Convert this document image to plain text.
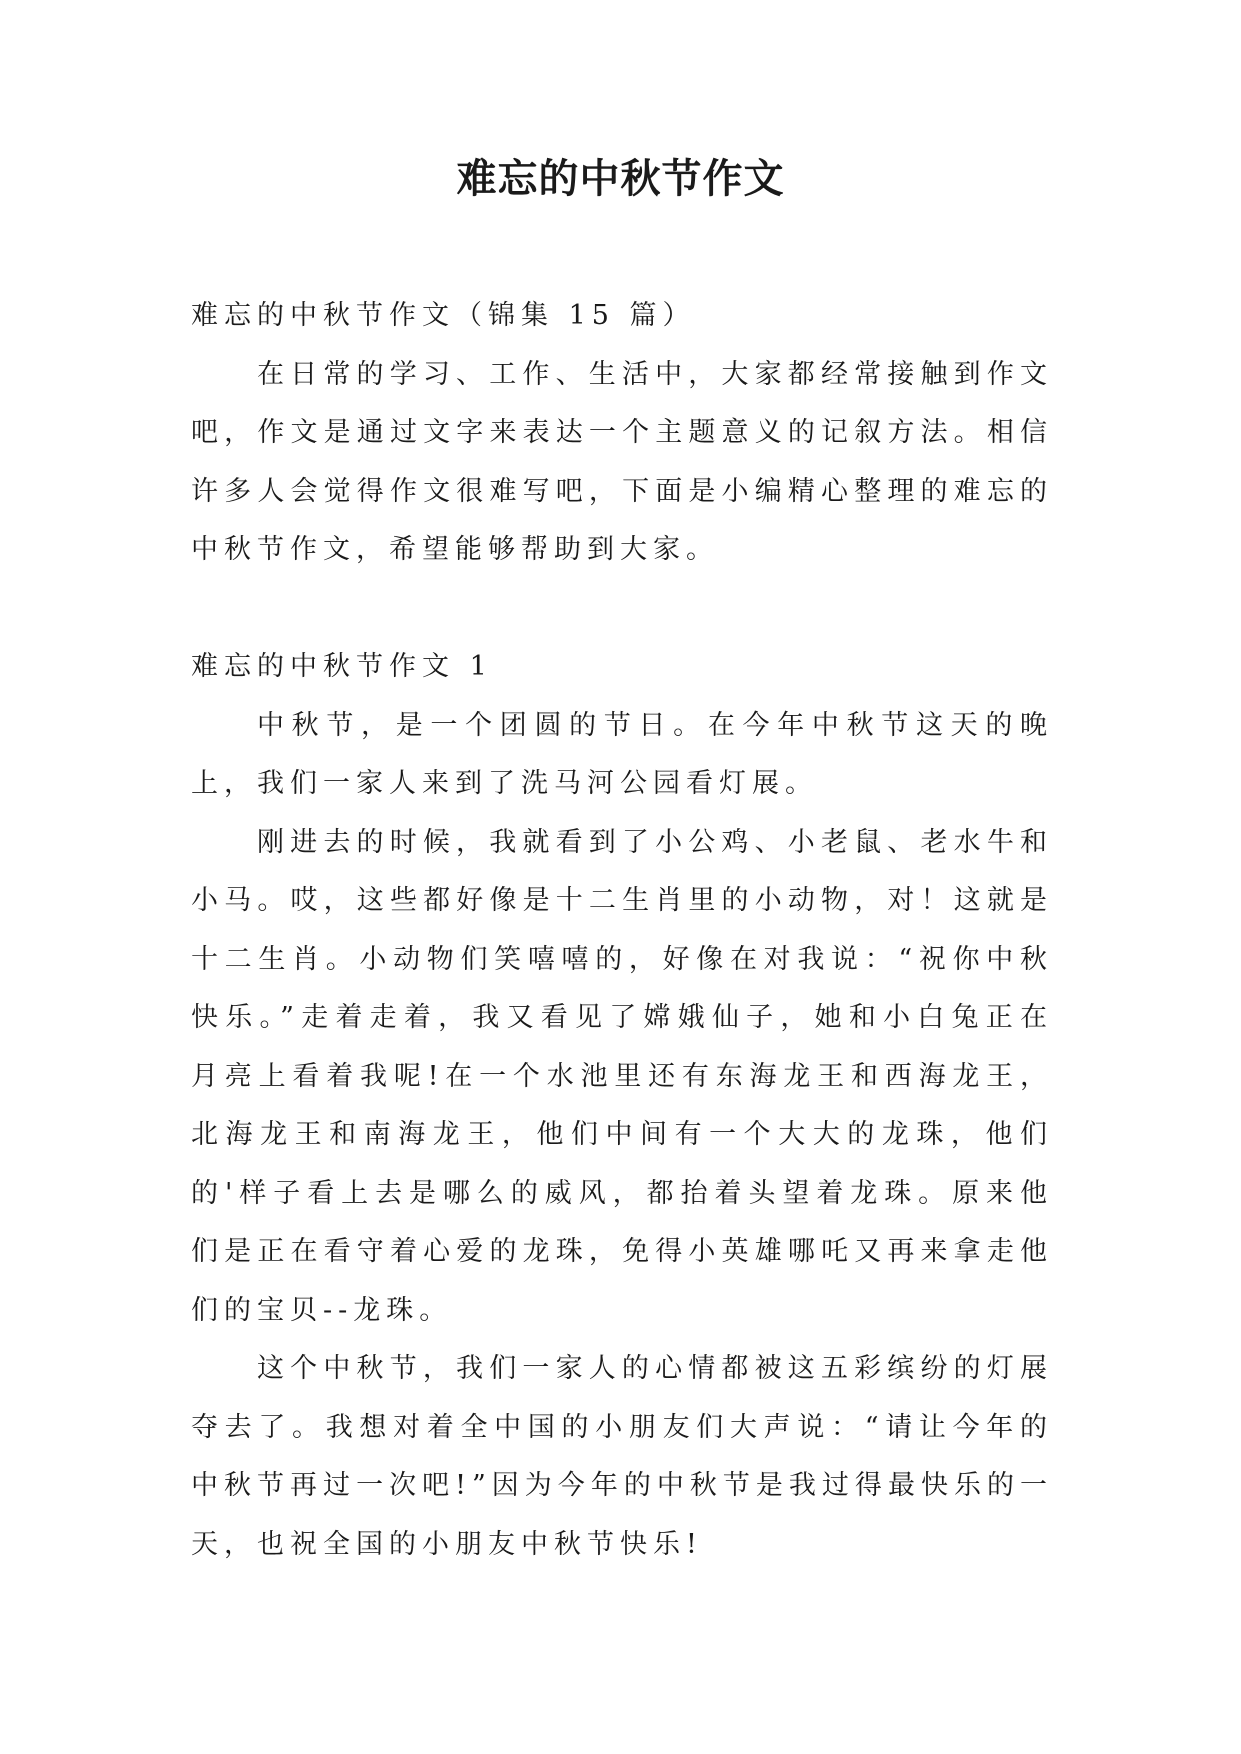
难忘的中秋节作文

难忘的中秋节作文（锦集 15 篇）

在日常的学习、工作、生活中，大家都经常接触到作文吧，作文是通过文字来表达一个主题意义的记叙方法。相信许多人会觉得作文很难写吧，下面是小编精心整理的难忘的中秋节作文，希望能够帮助到大家。

难忘的中秋节作文 1

中秋节，是一个团圆的节日。在今年中秋节这天的晚上，我们一家人来到了洗马河公园看灯展。

刚进去的时候，我就看到了小公鸡、小老鼠、老水牛和小马。哎，这些都好像是十二生肖里的小动物，对！这就是十二生肖。小动物们笑嘻嘻的，好像在对我说：“祝你中秋快乐。”走着走着，我又看见了嫦娥仙子，她和小白兔正在月亮上看着我呢!在一个水池里还有东海龙王和西海龙王，北海龙王和南海龙王，他们中间有一个大大的龙珠，他们的'样子看上去是哪么的威风，都抬着头望着龙珠。原来他们是正在看守着心爱的龙珠，免得小英雄哪吒又再来拿走他们的宝贝--龙珠。

这个中秋节，我们一家人的心情都被这五彩缤纷的灯展夺去了。我想对着全中国的小朋友们大声说：“请让今年的中秋节再过一次吧!”因为今年的中秋节是我过得最快乐的一天，也祝全国的小朋友中秋节快乐!
